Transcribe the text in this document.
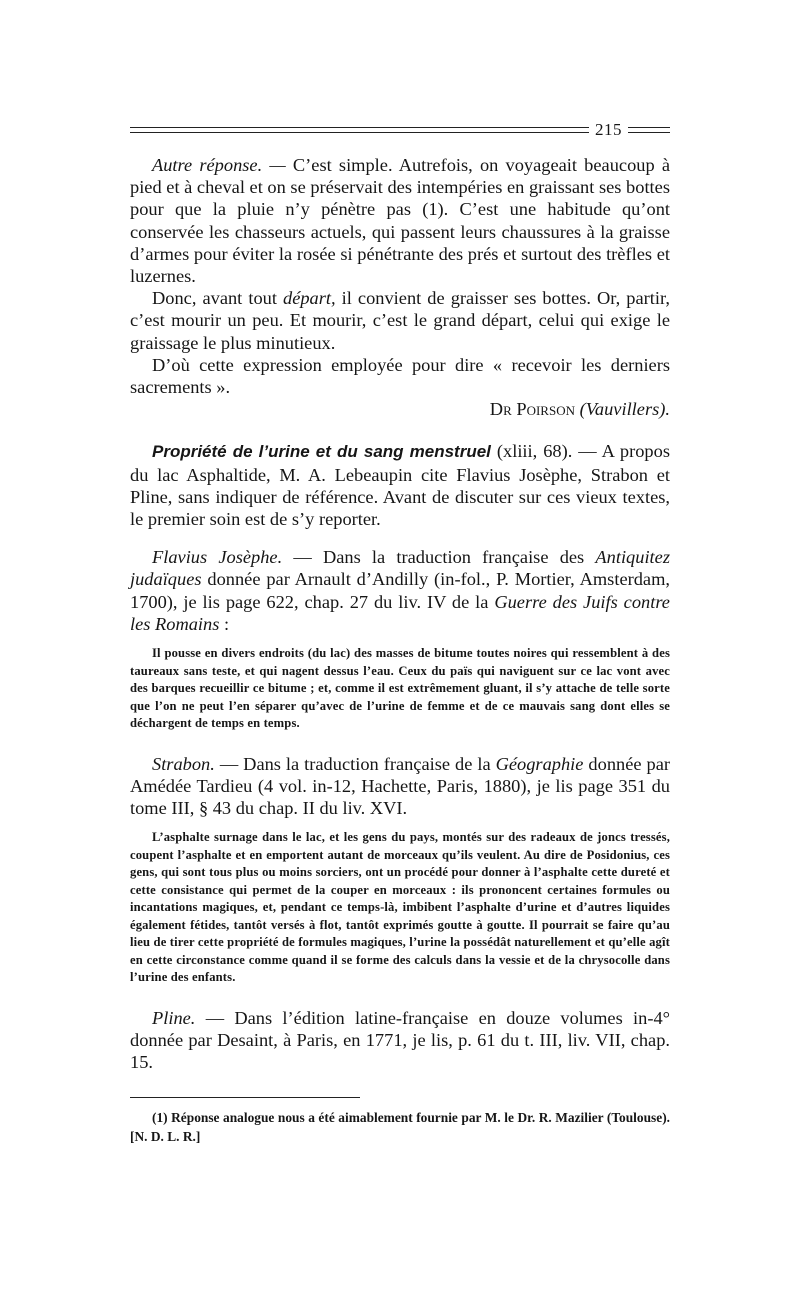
215

Autre réponse. — C’est simple. Autrefois, on voyageait beaucoup à pied et à cheval et on se préservait des intempéries en graissant ses bottes pour que la pluie n’y pénètre pas (1). C’est une habitude qu’ont conservée les chasseurs actuels, qui passent leurs chaussures à la graisse d’armes pour éviter la rosée si pénétrante des prés et surtout des trèfles et luzernes.

Donc, avant tout départ, il convient de graisser ses bottes. Or, partir, c’est mourir un peu. Et mourir, c’est le grand départ, celui qui exige le graissage le plus minutieux.

D’où cette expression employée pour dire « recevoir les derniers sacrements ».

Dr Poirson (Vauvillers).

Propriété de l’urine et du sang menstruel (xliii, 68). — A propos du lac Asphaltide, M. A. Lebeaupin cite Flavius Josèphe, Strabon et Pline, sans indiquer de référence. Avant de discuter sur ces vieux textes, le premier soin est de s’y reporter.

Flavius Josèphe. — Dans la traduction française des Antiquitez judaïques donnée par Arnault d’Andilly (in-fol., P. Mortier, Amsterdam, 1700), je lis page 622, chap. 27 du liv. IV de la Guerre des Juifs contre les Romains :

Il pousse en divers endroits (du lac) des masses de bitume toutes noires qui ressemblent à des taureaux sans teste, et qui nagent dessus l’eau. Ceux du païs qui naviguent sur ce lac vont avec des barques recueillir ce bitume ; et, comme il est extrêmement gluant, il s’y attache de telle sorte que l’on ne peut l’en séparer qu’avec de l’urine de femme et de ce mauvais sang dont elles se déchargent de temps en temps.

Strabon. — Dans la traduction française de la Géographie donnée par Amédée Tardieu (4 vol. in-12, Hachette, Paris, 1880), je lis page 351 du tome III, § 43 du chap. II du liv. XVI.

L’asphalte surnage dans le lac, et les gens du pays, montés sur des radeaux de joncs tressés, coupent l’asphalte et en emportent autant de morceaux qu’ils veulent. Au dire de Posidonius, ces gens, qui sont tous plus ou moins sorciers, ont un procédé pour donner à l’asphalte cette dureté et cette consistance qui permet de la couper en morceaux : ils prononcent certaines formules ou incantations magiques, et, pendant ce temps-là, imbibent l’asphalte d’urine et d’autres liquides également fétides, tantôt versés à flot, tantôt exprimés goutte à goutte. Il pourrait se faire qu’au lieu de tirer cette propriété de formules magiques, l’urine la possédât naturellement et qu’elle agît en cette circonstance comme quand il se forme des calculs dans la vessie et de la chrysocolle dans l’urine des enfants.

Pline. — Dans l’édition latine-française en douze volumes in-4° donnée par Desaint, à Paris, en 1771, je lis, p. 61 du t. III, liv. VII, chap. 15.

(1) Réponse analogue nous a été aimablement fournie par M. le Dr. R. Mazilier (Toulouse). [N. D. L. R.]
